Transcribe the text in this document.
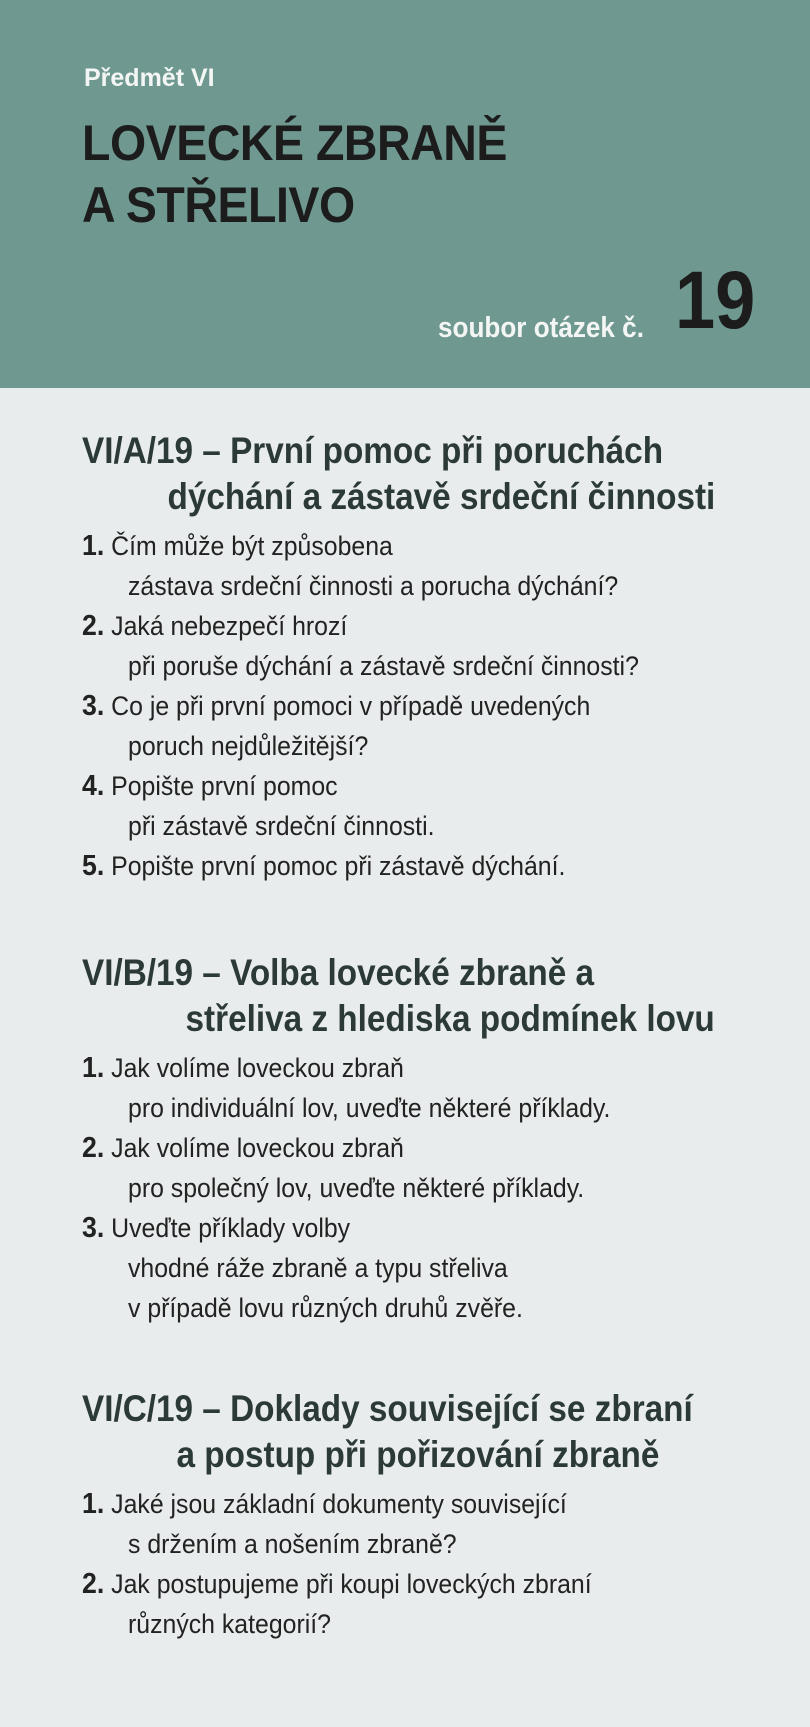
Předmět VI
LOVECKÉ ZBRANĚ
A STŘELIVO
soubor otázek č. 19
VI/A/19 – První pomoc při poruchách
dýchání a zástavě srdeční činnosti
1. Čím může být způsobena
zástava srdeční činnosti a porucha dýchání?
2. Jaká nebezpečí hrozí
při poruše dýchání a zástavě srdeční činnosti?
3. Co je při první pomoci v případě uvedených
poruch nejdůležitější?
4. Popište první pomoc
při zástavě srdeční činnosti.
5. Popište první pomoc při zástavě dýchání.
VI/B/19 – Volba lovecké zbraně a
střeliva z hlediska podmínek lovu
1. Jak volíme loveckou zbraň
pro individuální lov, uveďte některé příklady.
2. Jak volíme loveckou zbraň
pro společný lov, uveďte některé příklady.
3. Uveďte příklady volby
vhodné ráže zbraně a typu střeliva
v případě lovu různých druhů zvěře.
VI/C/19 – Doklady související se zbraní
a postup při pořizování zbraně
1. Jaké jsou základní dokumenty související
s držením a nošením zbraně?
2. Jak postupujeme při koupi loveckých zbraní
různých kategorií?
